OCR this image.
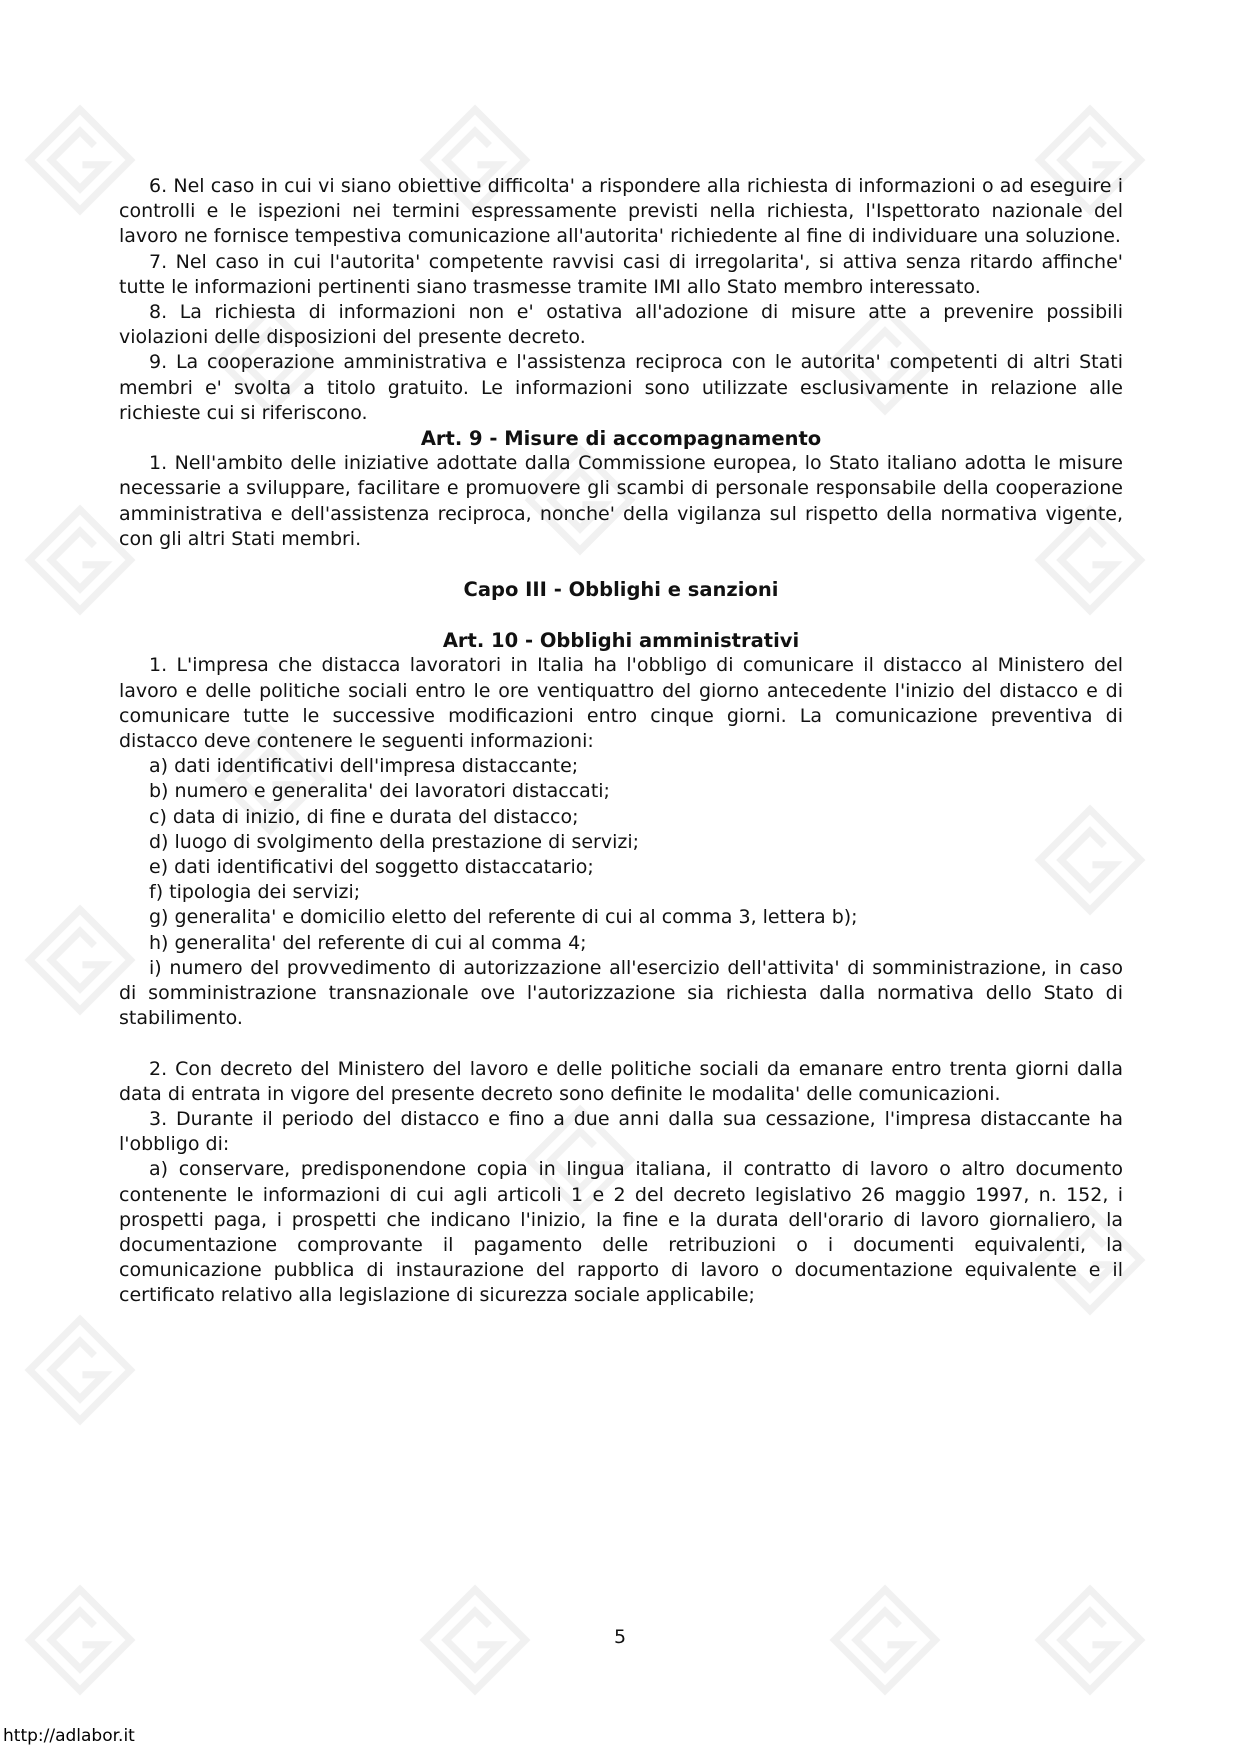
6. Nel caso in cui vi siano obiettive difficolta' a rispondere alla richiesta di informazioni o ad eseguire i controlli e le ispezioni nei termini espressamente previsti nella richiesta, l'Ispettorato nazionale del lavoro ne fornisce tempestiva comunicazione all'autorita' richiedente al fine di individuare una soluzione.

7. Nel caso in cui l'autorita' competente ravvisi casi di irregolarita', si attiva senza ritardo affinche' tutte le informazioni pertinenti siano trasmesse tramite IMI allo Stato membro interessato.

8. La richiesta di informazioni non e' ostativa all'adozione di misure atte a prevenire possibili violazioni delle disposizioni del presente decreto.

9. La cooperazione amministrativa e l'assistenza reciproca con le autorita' competenti di altri Stati membri e' svolta a titolo gratuito. Le informazioni sono utilizzate esclusivamente in relazione alle richieste cui si riferiscono.

Art. 9 - Misure di accompagnamento

1. Nell'ambito delle iniziative adottate dalla Commissione europea, lo Stato italiano adotta le misure necessarie a sviluppare, facilitare e promuovere gli scambi di personale responsabile della cooperazione amministrativa e dell'assistenza reciproca, nonche' della vigilanza sul rispetto della normativa vigente, con gli altri Stati membri.

Capo III - Obblighi e sanzioni
Art. 10 - Obblighi amministrativi

1. L'impresa che distacca lavoratori in Italia ha l'obbligo di comunicare il distacco al Ministero del lavoro e delle politiche sociali entro le ore ventiquattro del giorno antecedente l'inizio del distacco e di comunicare tutte le successive modificazioni entro cinque giorni. La comunicazione preventiva di distacco deve contenere le seguenti informazioni:

a) dati identificativi dell'impresa distaccante;
b) numero e generalita' dei lavoratori distaccati;
c) data di inizio, di fine e durata del distacco;
d) luogo di svolgimento della prestazione di servizi;
e) dati identificativi del soggetto distaccatario;
f) tipologia dei servizi;
g) generalita' e domicilio eletto del referente di cui al comma 3, lettera b);
h) generalita' del referente di cui al comma 4;
i) numero del provvedimento di autorizzazione all'esercizio dell'attivita' di somministrazione, in caso di somministrazione transnazionale ove l'autorizzazione sia richiesta dalla normativa dello Stato di stabilimento.

2. Con decreto del Ministero del lavoro e delle politiche sociali da emanare entro trenta giorni dalla data di entrata in vigore del presente decreto sono definite le modalita' delle comunicazioni.

3. Durante il periodo del distacco e fino a due anni dalla sua cessazione, l'impresa distaccante ha l'obbligo di:

a) conservare, predisponendone copia in lingua italiana, il contratto di lavoro o altro documento contenente le informazioni di cui agli articoli 1 e 2 del decreto legislativo 26 maggio 1997, n. 152, i prospetti paga, i prospetti che indicano l'inizio, la fine e la durata dell'orario di lavoro giornaliero, la documentazione comprovante il pagamento delle retribuzioni o i documenti equivalenti, la comunicazione pubblica di instaurazione del rapporto di lavoro o documentazione equivalente e il certificato relativo alla legislazione di sicurezza sociale applicabile;

5
http://adlabor.it
